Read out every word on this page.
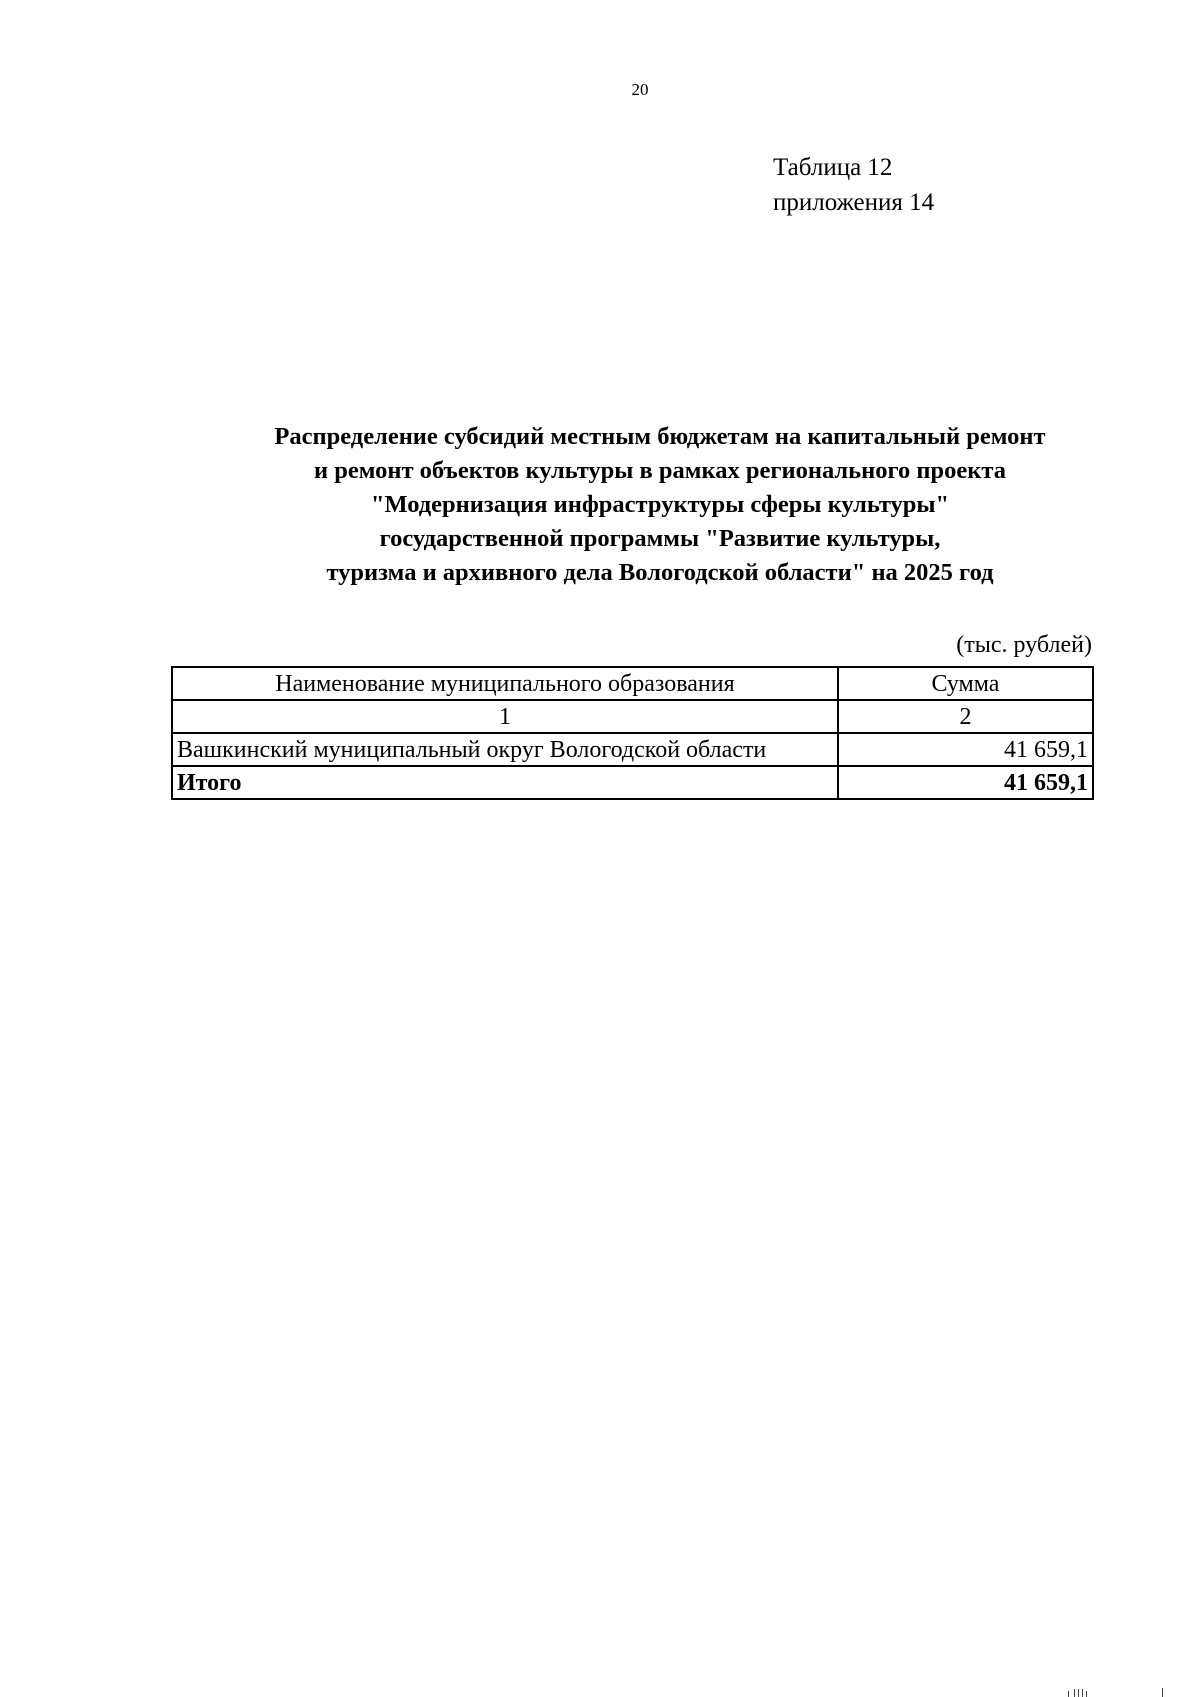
20
Таблица 12
приложения 14
Распределение субсидий местным бюджетам на капитальный ремонт
и ремонт объектов культуры в рамках регионального проекта
"Модернизация инфраструктуры сферы культуры"
государственной программы "Развитие культуры,
туризма и архивного дела Вологодской области" на 2025 год
(тыс. рублей)
Наименование муниципального образования	Сумма
1	2
Вашкинский муниципальный округ Вологодской области	41 659,1
Итого	41 659,1
